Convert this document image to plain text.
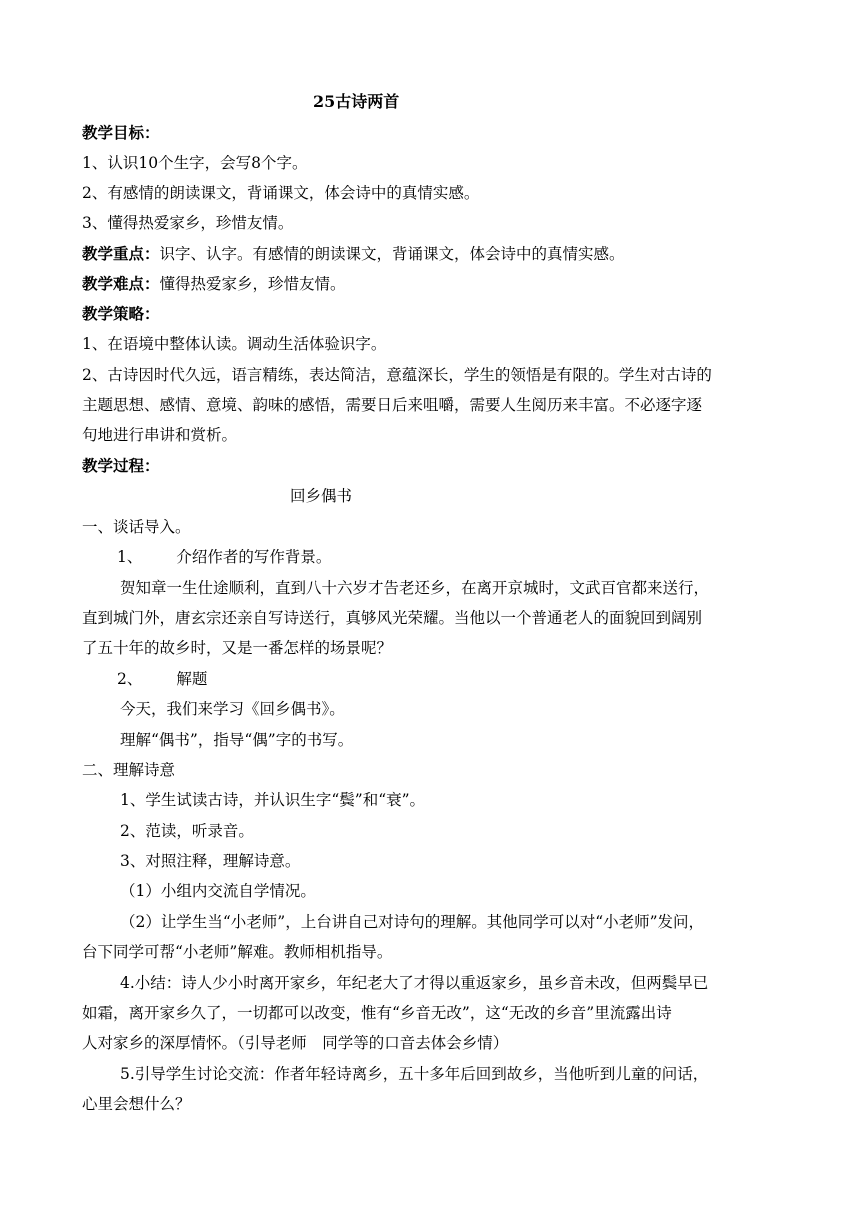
25古诗两首
教学目标：
1、认识10个生字，会写8个字。
2、有感情的朗读课文，背诵课文，体会诗中的真情实感。
3、懂得热爱家乡，珍惜友情。
教学重点：识字、认字。有感情的朗读课文，背诵课文，体会诗中的真情实感。
教学难点：懂得热爱家乡，珍惜友情。
教学策略：
1、在语境中整体认读。调动生活体验识字。
2、古诗因时代久远，语言精练，表达简洁，意蕴深长，学生的领悟是有限的。学生对古诗的
主题思想、感情、意境、韵味的感悟，需要日后来咀嚼，需要人生阅历来丰富。不必逐字逐
句地进行串讲和赏析。
教学过程：
回乡偶书
一、谈话导入。
1、 介绍作者的写作背景。
贺知章一生仕途顺利，直到八十六岁才告老还乡，在离开京城时，文武百官都来送行，
直到城门外，唐玄宗还亲自写诗送行，真够风光荣耀。当他以一个普通老人的面貌回到阔别
了五十年的故乡时，又是一番怎样的场景呢？
2、 解题
今天，我们来学习《回乡偶书》。
理解“偶书”，指导“偶”字的书写。
二、理解诗意
1、学生试读古诗，并认识生字“鬓”和“衰”。
2、范读，听录音。
3、对照注释，理解诗意。
（1）小组内交流自学情况。
（2）让学生当“小老师”，上台讲自己对诗句的理解。其他同学可以对“小老师”发问，
台下同学可帮“小老师”解难。教师相机指导。
4.小结：诗人少小时离开家乡，年纪老大了才得以重返家乡，虽乡音未改，但两鬓早已
如霜，离开家乡久了，一切都可以改变，惟有“乡音无改”，这“无改的乡音”里流露出诗
人对家乡的深厚情怀。（引导老师　同学等的口音去体会乡情）
5.引导学生讨论交流：作者年轻诗离乡，五十多年后回到故乡，当他听到儿童的问话，
心里会想什么？
